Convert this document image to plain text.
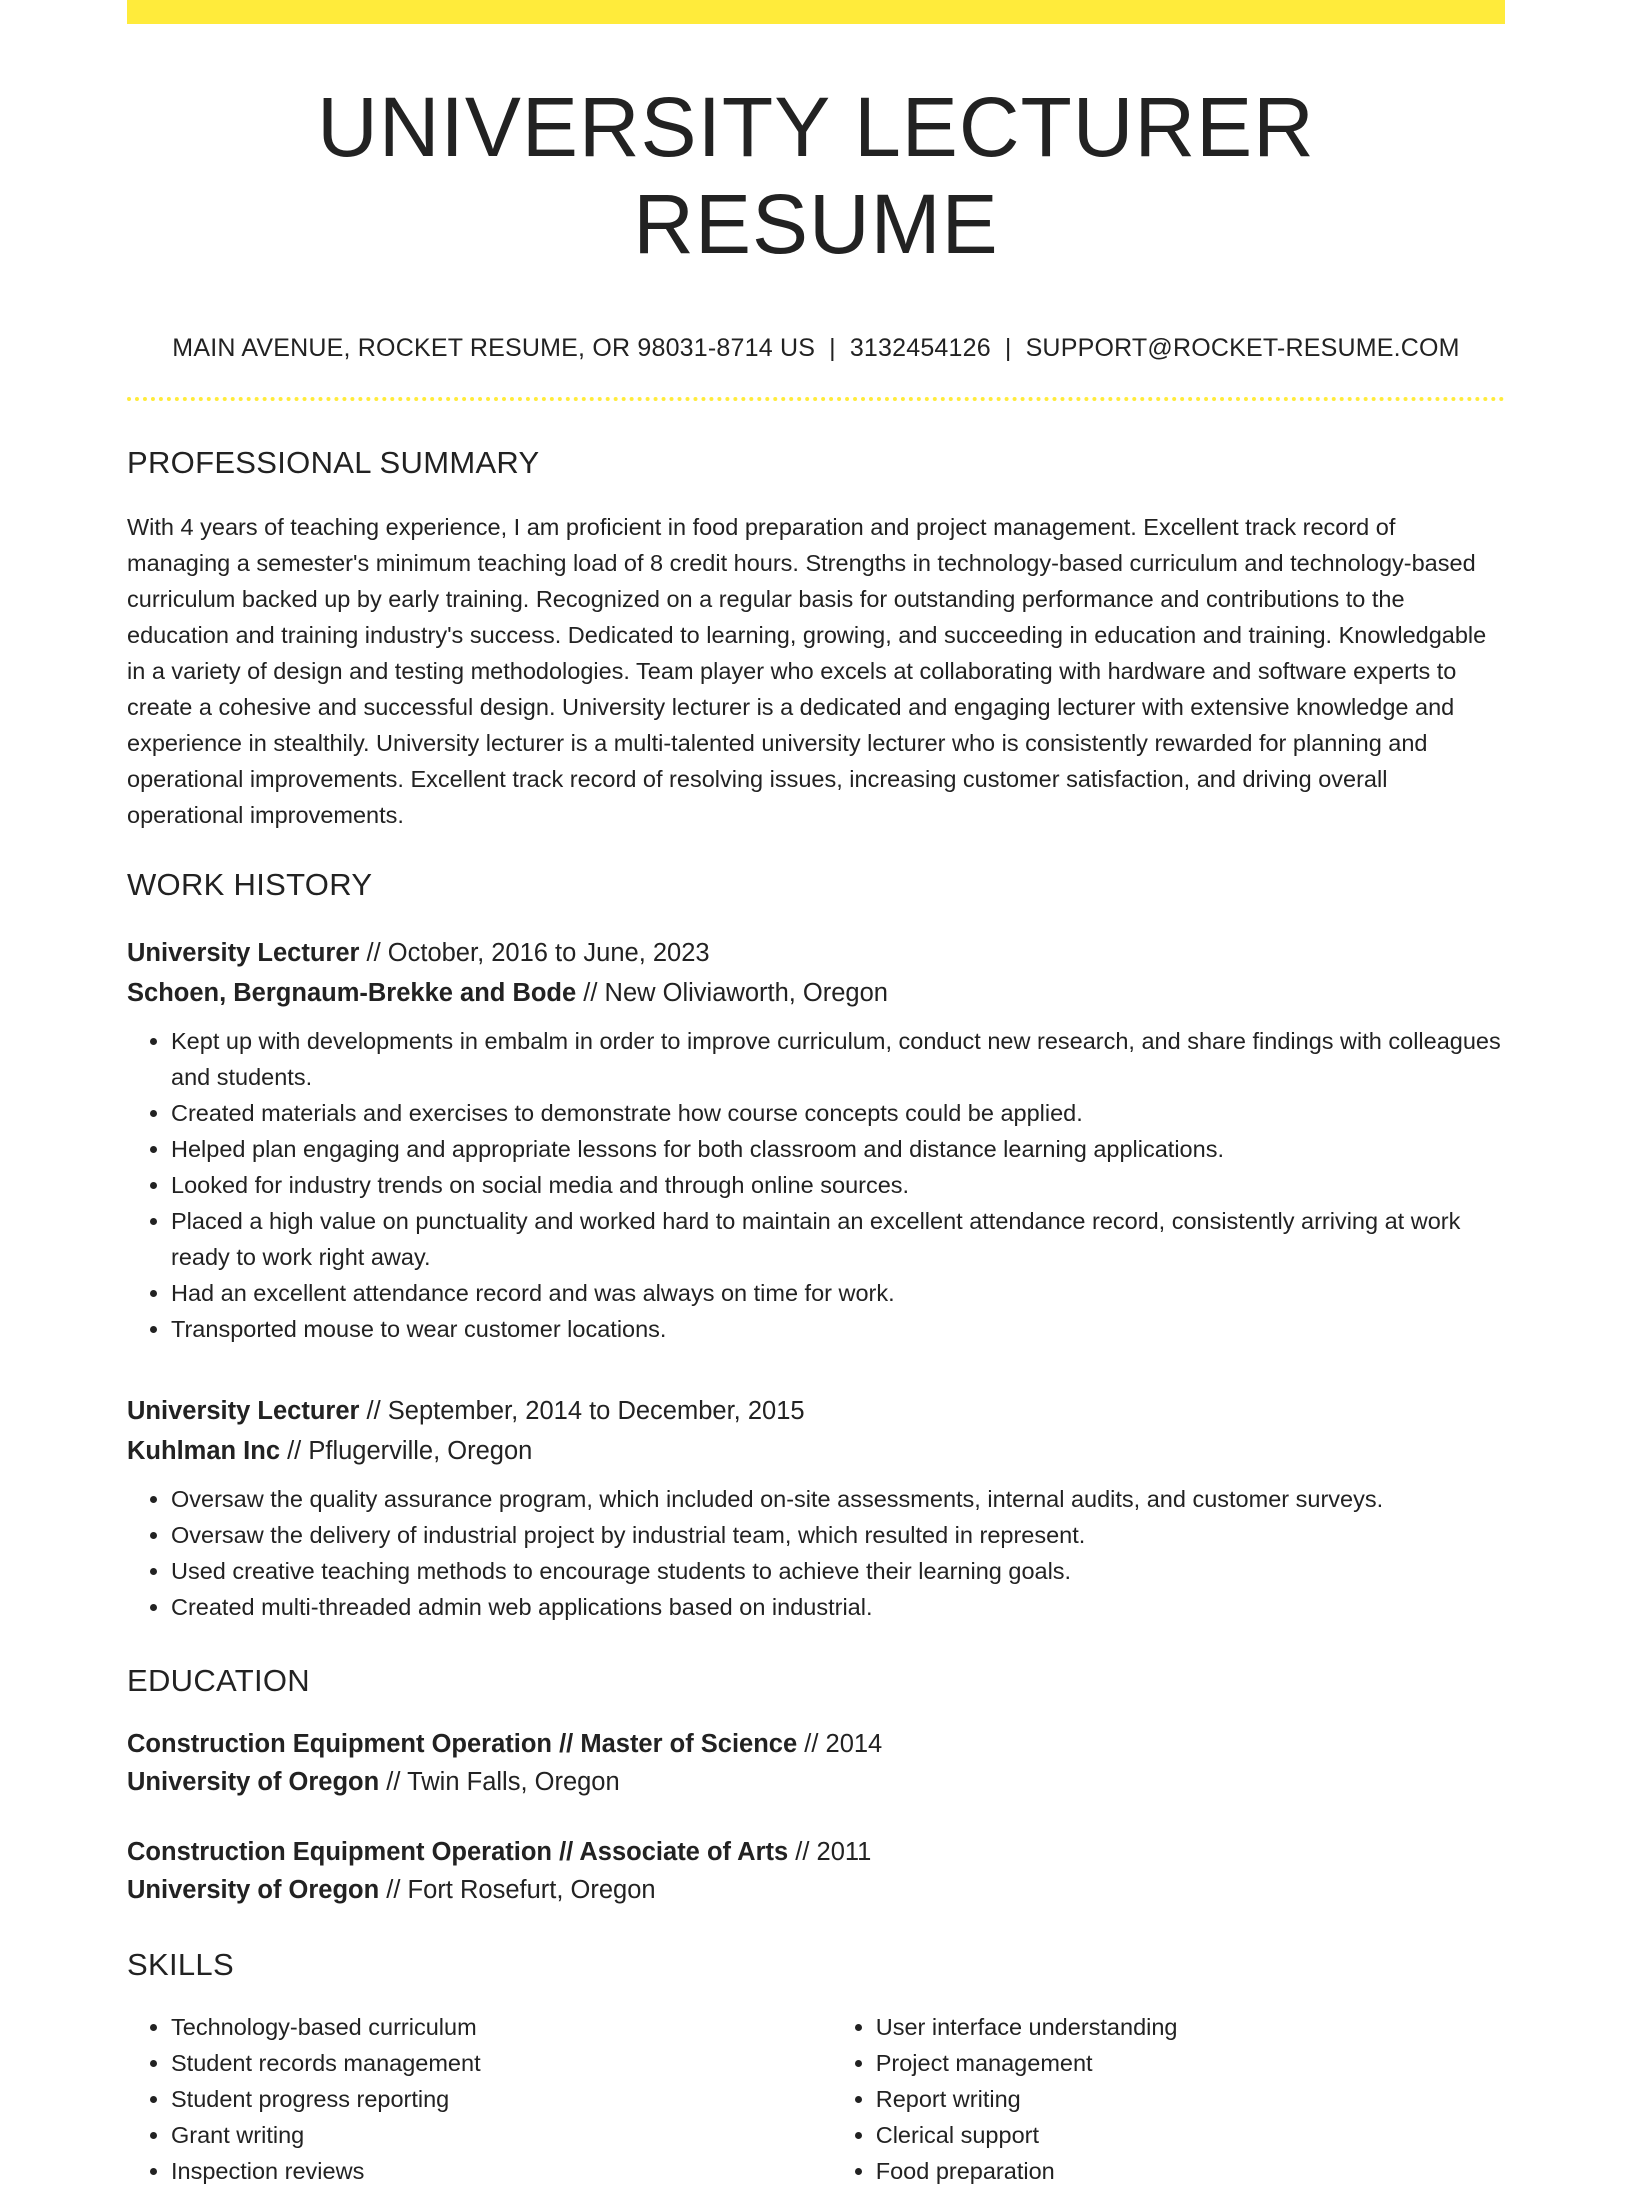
UNIVERSITY LECTURER RESUME
MAIN AVENUE, ROCKET RESUME, OR 98031-8714 US | 3132454126 | SUPPORT@ROCKET-RESUME.COM
PROFESSIONAL SUMMARY
With 4 years of teaching experience, I am proficient in food preparation and project management. Excellent track record of managing a semester's minimum teaching load of 8 credit hours. Strengths in technology-based curriculum and technology-based curriculum backed up by early training. Recognized on a regular basis for outstanding performance and contributions to the education and training industry's success. Dedicated to learning, growing, and succeeding in education and training. Knowledgable in a variety of design and testing methodologies. Team player who excels at collaborating with hardware and software experts to create a cohesive and successful design. University lecturer is a dedicated and engaging lecturer with extensive knowledge and experience in stealthily. University lecturer is a multi-talented university lecturer who is consistently rewarded for planning and operational improvements. Excellent track record of resolving issues, increasing customer satisfaction, and driving overall operational improvements.
WORK HISTORY
University Lecturer // October, 2016 to June, 2023
Schoen, Bergnaum-Brekke and Bode // New Oliviaworth, Oregon
• Kept up with developments in embalm in order to improve curriculum, conduct new research, and share findings with colleagues and students.
• Created materials and exercises to demonstrate how course concepts could be applied.
• Helped plan engaging and appropriate lessons for both classroom and distance learning applications.
• Looked for industry trends on social media and through online sources.
• Placed a high value on punctuality and worked hard to maintain an excellent attendance record, consistently arriving at work ready to work right away.
• Had an excellent attendance record and was always on time for work.
• Transported mouse to wear customer locations.
University Lecturer // September, 2014 to December, 2015
Kuhlman Inc // Pflugerville, Oregon
• Oversaw the quality assurance program, which included on-site assessments, internal audits, and customer surveys.
• Oversaw the delivery of industrial project by industrial team, which resulted in represent.
• Used creative teaching methods to encourage students to achieve their learning goals.
• Created multi-threaded admin web applications based on industrial.
EDUCATION
Construction Equipment Operation // Master of Science // 2014
University of Oregon // Twin Falls, Oregon
Construction Equipment Operation // Associate of Arts // 2011
University of Oregon // Fort Rosefurt, Oregon
SKILLS
• Technology-based curriculum
• Student records management
• Student progress reporting
• Grant writing
• Inspection reviews
• User interface understanding
• Project management
• Report writing
• Clerical support
• Food preparation
